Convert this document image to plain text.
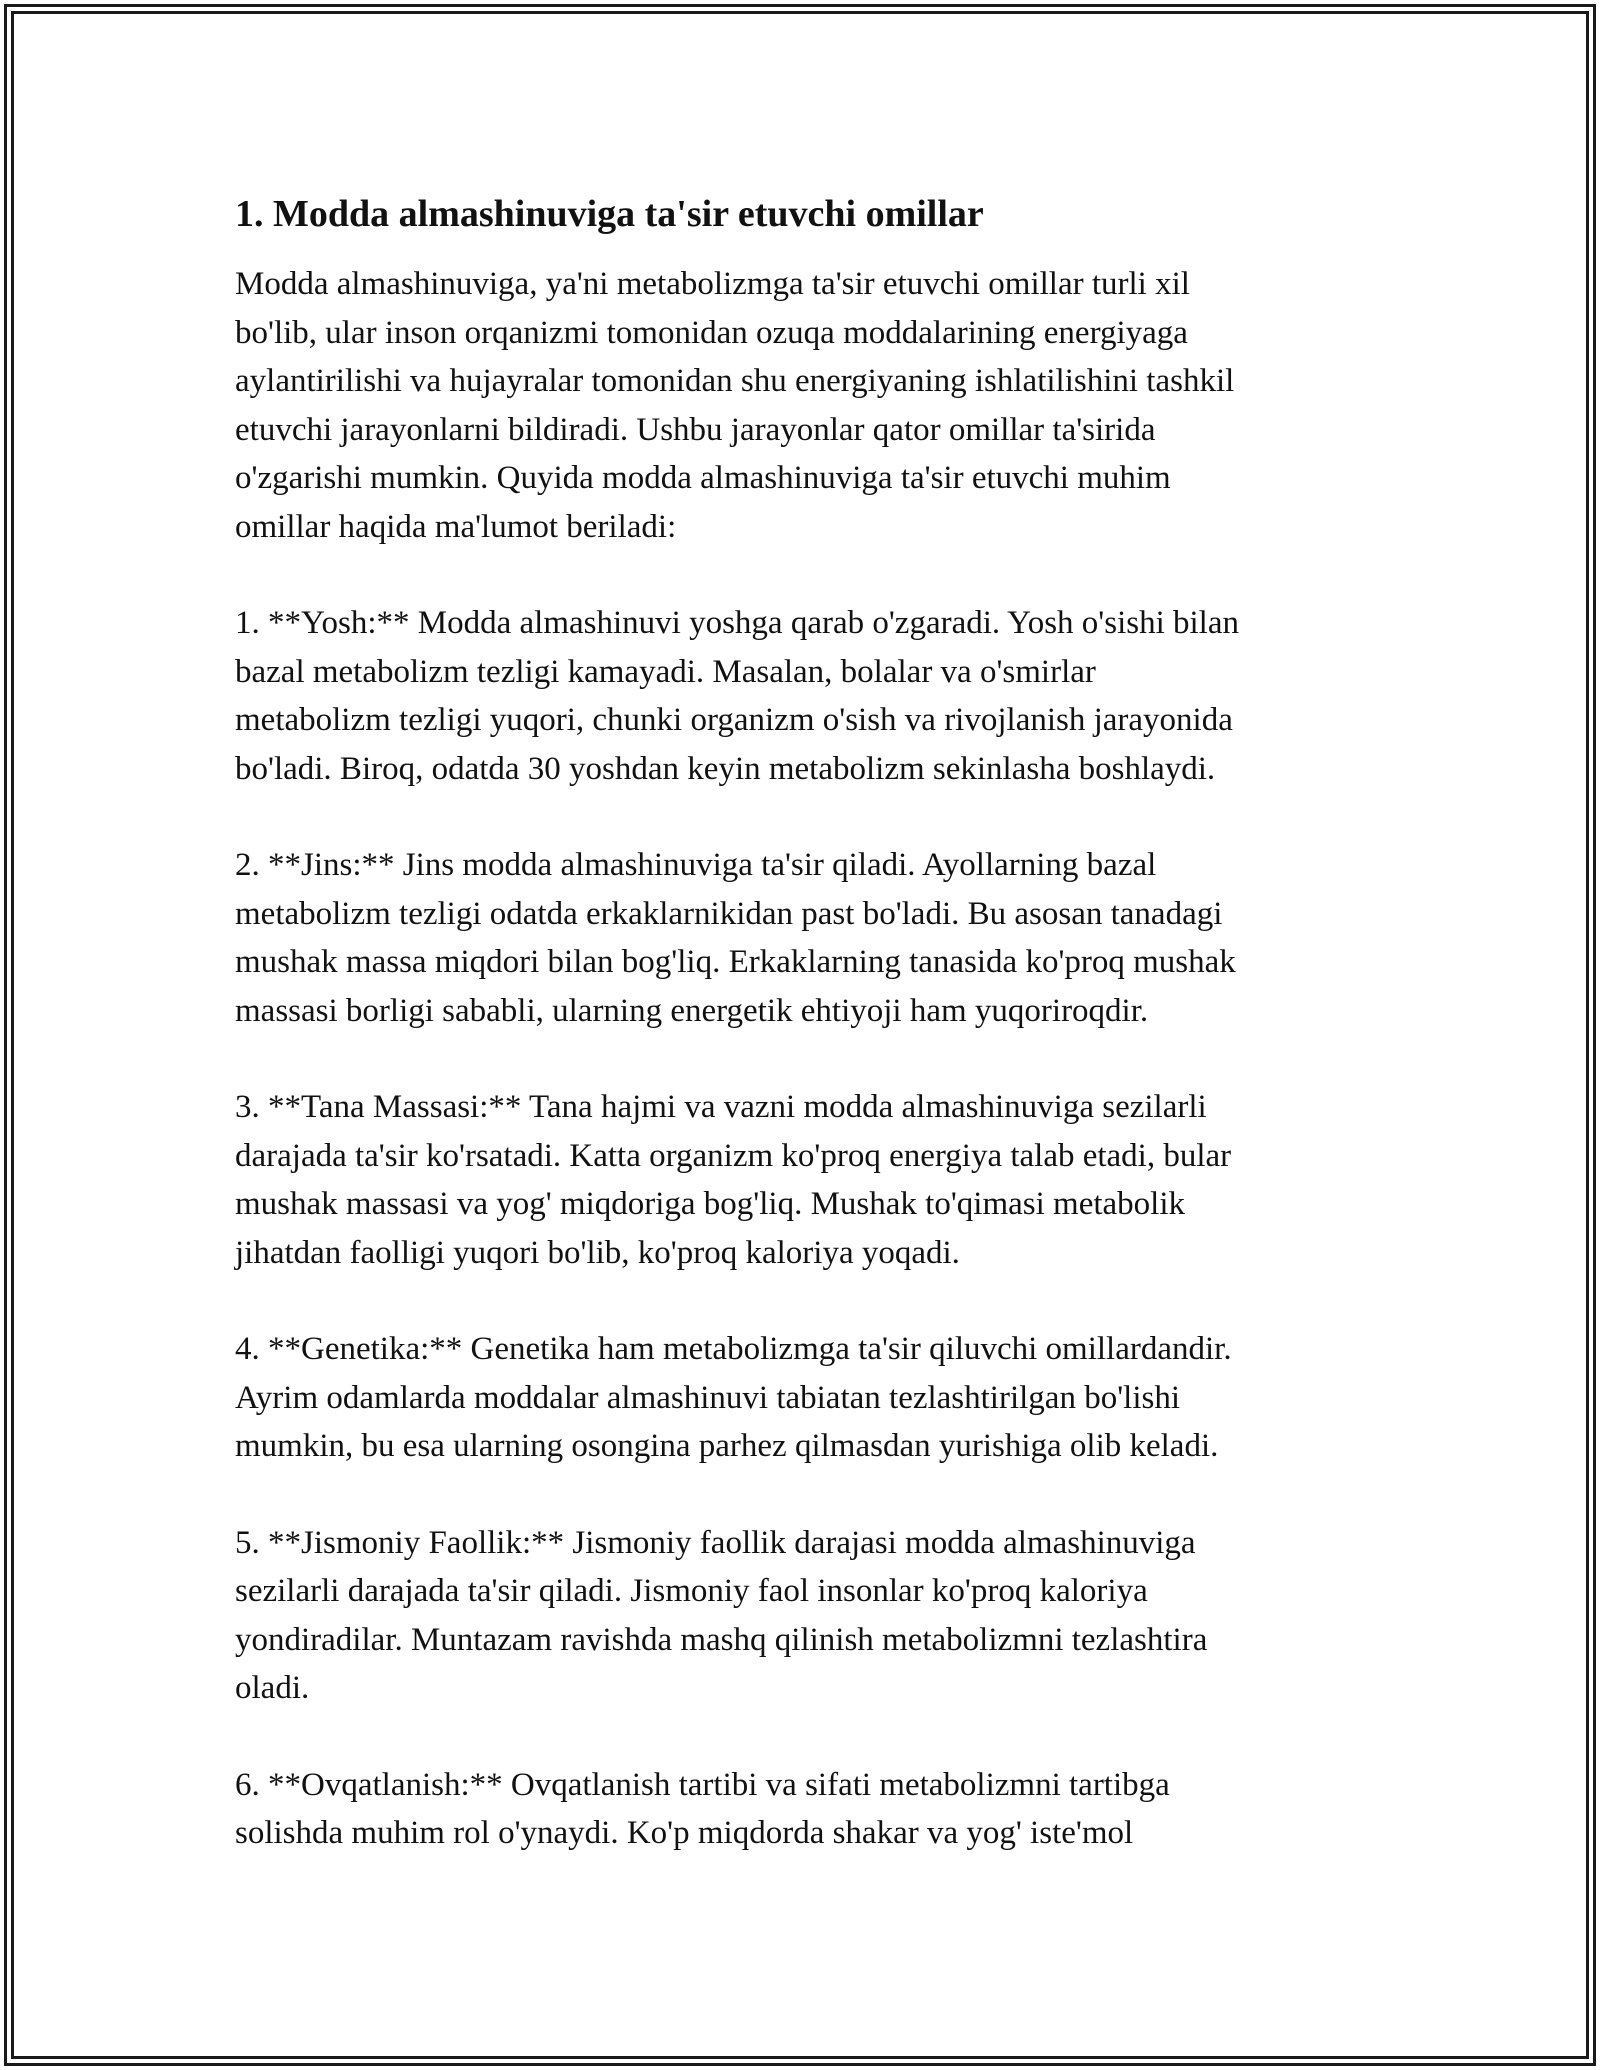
1. Modda almashinuviga ta'sir etuvchi omillar

Modda almashinuviga, ya'ni metabolizmga ta'sir etuvchi omillar turli xil
bo'lib, ular inson orqanizmi tomonidan ozuqa moddalarining energiyaga
aylantirilishi va hujayralar tomonidan shu energiyaning ishlatilishini tashkil
etuvchi jarayonlarni bildiradi. Ushbu jarayonlar qator omillar ta'sirida
o'zgarishi mumkin. Quyida modda almashinuviga ta'sir etuvchi muhim
omillar haqida ma'lumot beriladi:

1. **Yosh:** Modda almashinuvi yoshga qarab o'zgaradi. Yosh o'sishi bilan
bazal metabolizm tezligi kamayadi. Masalan, bolalar va o'smirlar
metabolizm tezligi yuqori, chunki organizm o'sish va rivojlanish jarayonida
bo'ladi. Biroq, odatda 30 yoshdan keyin metabolizm sekinlasha boshlaydi.

2. **Jins:** Jins modda almashinuviga ta'sir qiladi. Ayollarning bazal
metabolizm tezligi odatda erkaklarnikidan past bo'ladi. Bu asosan tanadagi
mushak massa miqdori bilan bog'liq. Erkaklarning tanasida ko'proq mushak
massasi borligi sababli, ularning energetik ehtiyoji ham yuqoriroqdir.

3. **Tana Massasi:** Tana hajmi va vazni modda almashinuviga sezilarli
darajada ta'sir ko'rsatadi. Katta organizm ko'proq energiya talab etadi, bular
mushak massasi va yog' miqdoriga bog'liq. Mushak to'qimasi metabolik
jihatdan faolligi yuqori bo'lib, ko'proq kaloriya yoqadi.

4. **Genetika:** Genetika ham metabolizmga ta'sir qiluvchi omillardandir.
Ayrim odamlarda moddalar almashinuvi tabiatan tezlashtirilgan bo'lishi
mumkin, bu esa ularning osongina parhez qilmasdan yurishiga olib keladi.

5. **Jismoniy Faollik:** Jismoniy faollik darajasi modda almashinuviga
sezilarli darajada ta'sir qiladi. Jismoniy faol insonlar ko'proq kaloriya
yondiradilar. Muntazam ravishda mashq qilinish metabolizmni tezlashtira
oladi.

6. **Ovqatlanish:** Ovqatlanish tartibi va sifati metabolizmni tartibga
solishda muhim rol o'ynaydi. Ko'p miqdorda shakar va yog' iste'mol
